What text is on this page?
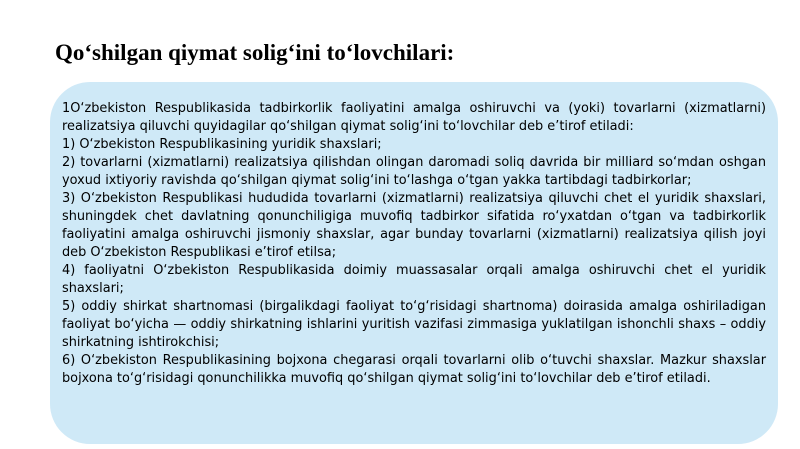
Qo‘shilgan qiymat solig‘ini to‘lovchilari:

1O‘zbekiston Respublikasida tadbirkorlik faoliyatini amalga oshiruvchi va (yoki) tovarlarni (xizmatlarni) realizatsiya qiluvchi quyidagilar qo‘shilgan qiymat solig‘ini to‘lovchilar deb e’tirof etiladi:

1) O‘zbekiston Respublikasining yuridik shaxslari;

2) tovarlarni (xizmatlarni) realizatsiya qilishdan olingan daromadi soliq davrida bir milliard so‘mdan oshgan yoxud ixtiyoriy ravishda qo‘shilgan qiymat solig‘ini to‘lashga o‘tgan yakka tartibdagi tadbirkorlar;

3) O‘zbekiston Respublikasi hududida tovarlarni (xizmatlarni) realizatsiya qiluvchi chet el yuridik shaxslari, shuningdek chet davlatning qonunchiligiga muvofiq tadbirkor sifatida ro‘yxatdan o‘tgan va tadbirkorlik faoliyatini amalga oshiruvchi jismoniy shaxslar, agar bunday tovarlarni (xizmatlarni) realizatsiya qilish joyi deb O‘zbekiston Respublikasi e’tirof etilsa;

4) faoliyatni O‘zbekiston Respublikasida doimiy muassasalar orqali amalga oshiruvchi chet el yuridik shaxslari;

5) oddiy shirkat shartnomasi (birgalikdagi faoliyat to‘g‘risidagi shartnoma) doirasida amalga oshiriladigan faoliyat bo‘yicha — oddiy shirkatning ishlarini yuritish vazifasi zimmasiga yuklatilgan ishonchli shaxs – oddiy shirkatning ishtirokchisi;

6) O‘zbekiston Respublikasining bojxona chegarasi orqali tovarlarni olib o‘tuvchi shaxslar. Mazkur shaxslar bojxona to‘g‘risidagi qonunchilikka muvofiq qo‘shilgan qiymat solig‘ini to‘lovchilar deb e’tirof etiladi.
